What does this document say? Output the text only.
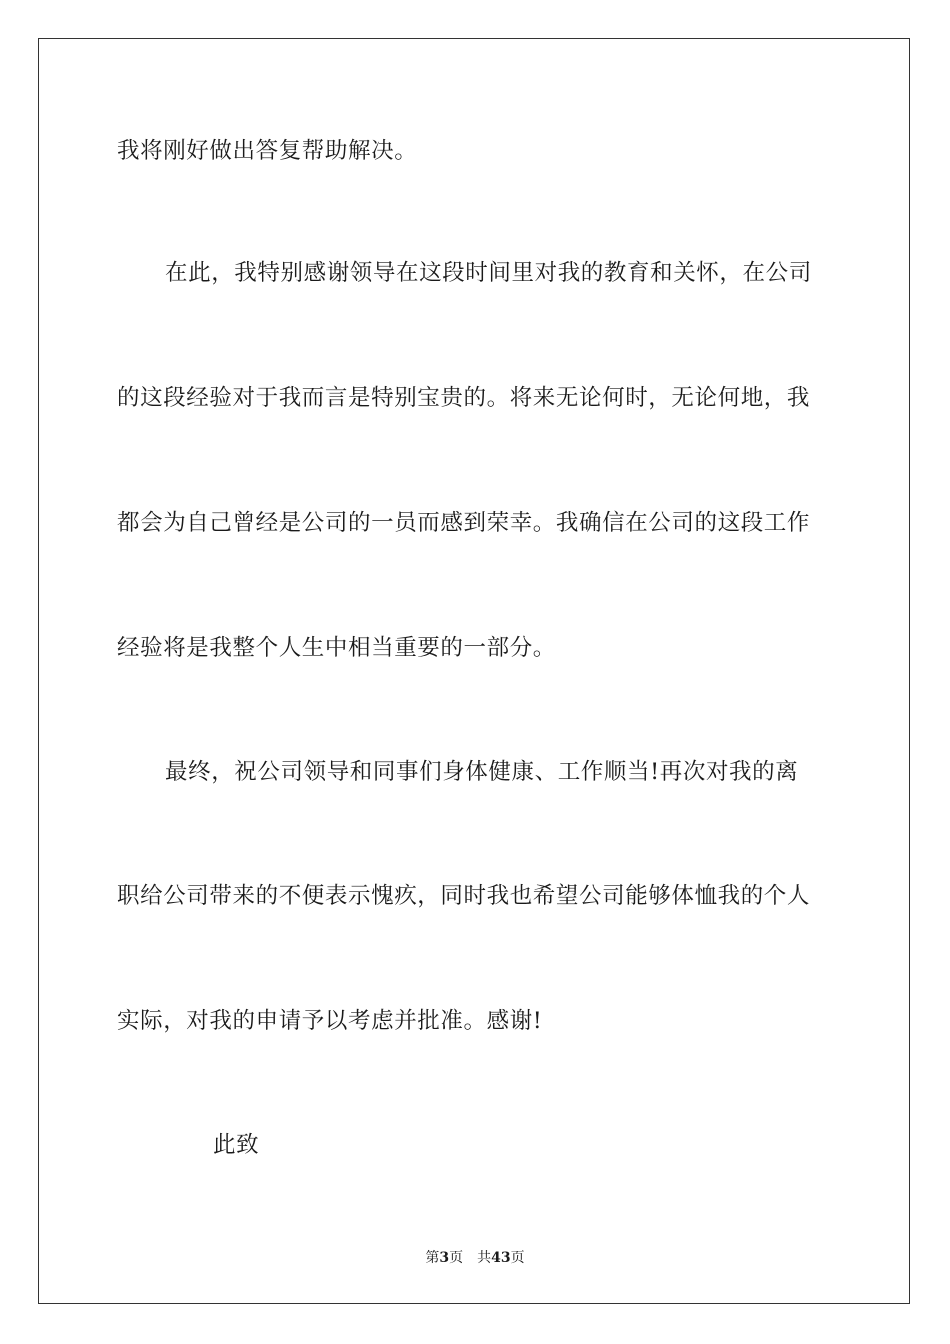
我将刚好做出答复帮助解决。
在此，我特别感谢领导在这段时间里对我的教育和关怀，在公司
的这段经验对于我而言是特别宝贵的。将来无论何时，无论何地，我
都会为自己曾经是公司的一员而感到荣幸。我确信在公司的这段工作
经验将是我整个人生中相当重要的一部分。
最终，祝公司领导和同事们身体健康、工作顺当!再次对我的离
职给公司带来的不便表示愧疚，同时我也希望公司能够体恤我的个人
实际，对我的申请予以考虑并批准。感谢!
此致
第3页 共43页
